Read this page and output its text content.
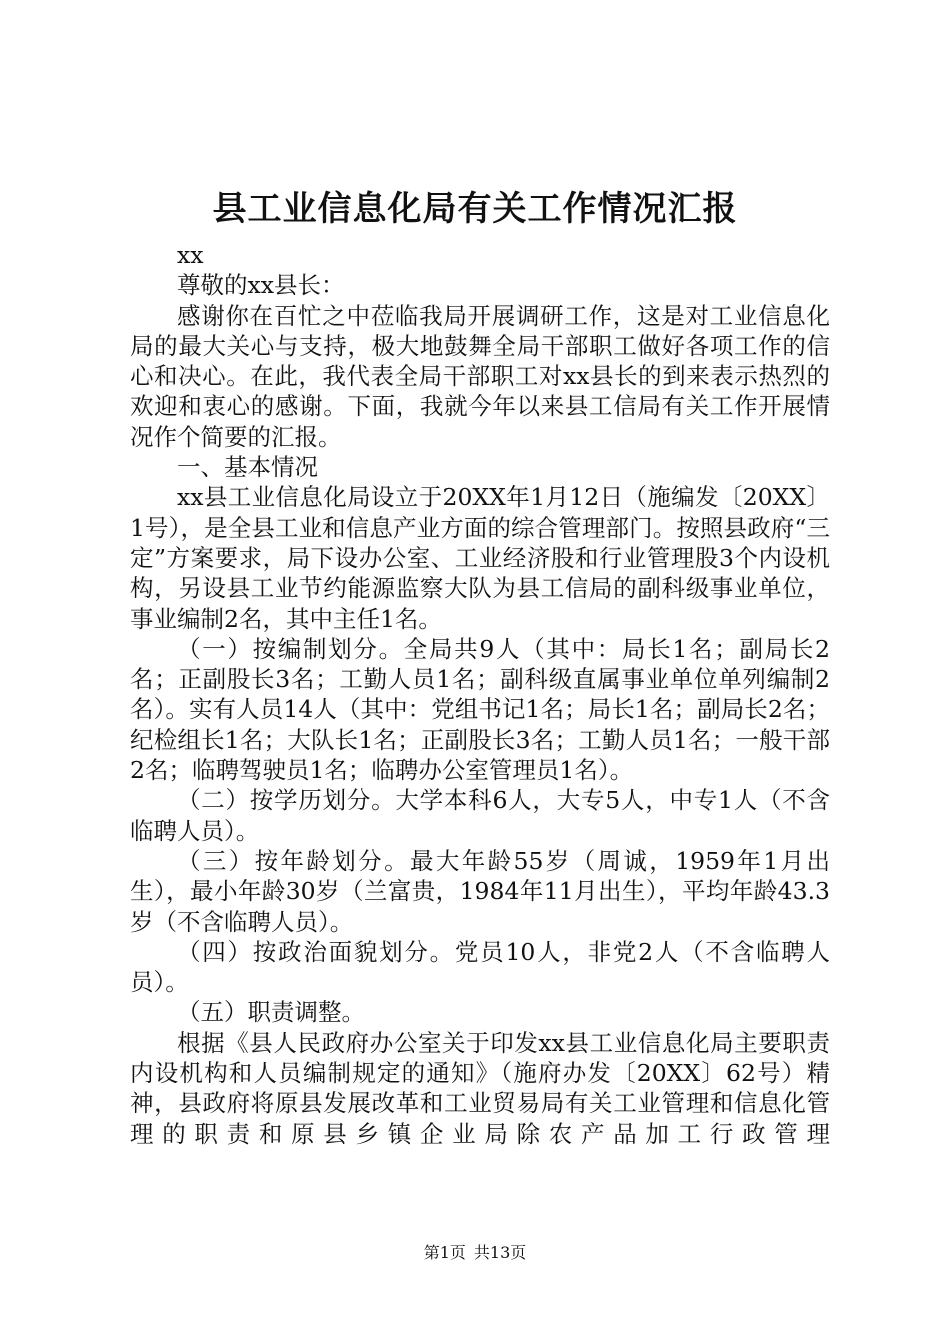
县工业信息化局有关工作情况汇报

xx

尊敬的xx县长：

感谢你在百忙之中莅临我局开展调研工作，这是对工业信息化局的最大关心与支持，极大地鼓舞全局干部职工做好各项工作的信心和决心。在此，我代表全局干部职工对xx县长的到来表示热烈的欢迎和衷心的感谢。下面，我就今年以来县工信局有关工作开展情况作个简要的汇报。

一、基本情况

xx县工业信息化局设立于20XX年1月12日（施编发〔20XX〕1号），是全县工业和信息产业方面的综合管理部门。按照县政府“三定”方案要求，局下设办公室、工业经济股和行业管理股3个内设机构，另设县工业节约能源监察大队为县工信局的副科级事业单位，事业编制2名，其中主任1名。

（一）按编制划分。全局共9人（其中：局长1名；副局长2名；正副股长3名；工勤人员1名；副科级直属事业单位单列编制2名）。实有人员14人（其中：党组书记1名；局长1名；副局长2名；纪检组长1名；大队长1名；正副股长3名；工勤人员1名；一般干部2名；临聘驾驶员1名；临聘办公室管理员1名）。

（二）按学历划分。大学本科6人，大专5人，中专1人（不含临聘人员）。

（三）按年龄划分。最大年龄55岁（周诚，1959年1月出生），最小年龄30岁（兰富贵，1984年11月出生），平均年龄43.3岁（不含临聘人员）。

（四）按政治面貌划分。党员10人，非党2人（不含临聘人员）。

（五）职责调整。

根据《县人民政府办公室关于印发xx县工业信息化局主要职责内设机构和人员编制规定的通知》（施府办发〔20XX〕62号）精神，县政府将原县发展改革和工业贸易局有关工业管理和信息化管理的职责和原县乡镇企业局除农产品加工行政管理

第1页 共13页
